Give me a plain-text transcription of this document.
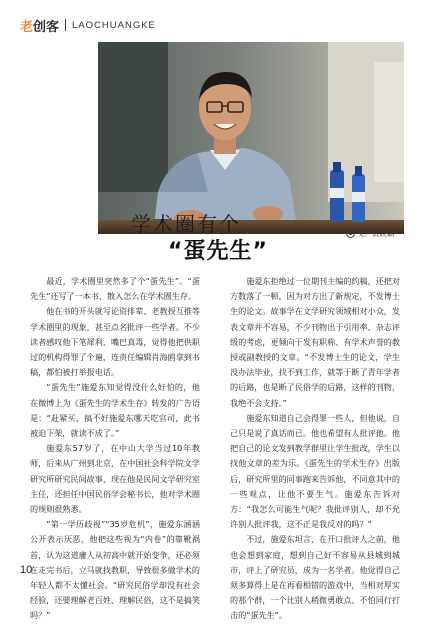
老创客 LAOCHUANGKE
学术圈有个
“蛋先生”
文／黄晓颖

最近，学术圈里突然多了个“蛋先生”。“蛋先生”还写了一本书，散入怎么在学术圈生存。

他在书的开头就写论资排辈、老教授互推等学术圈里的现象，甚至点名批评一些学者。不少读者感叹他下笔犀利、嘴巴真毒，觉得他把供职过的机构得罪了个遍，连责任编辑肖海鸥拿到书稿，都怕被打举报电话。

“蛋先生”施爱东知觉得没什么好怕的，他在微博上为《蛋先生的学术生存》转发的广告语是：“赶紧买，搞不好施爱东哪天吃官司，此书被迫下架，就读不成了。”

施爱东57岁了，在中山大学当过10年教师，后来从广州到北京，在中国社会科学院文学研究所研究民间故事，现在他是民间文学研究室主任，还担任中国民俗学会秘书长，他对学术圈的规则很熟悉。

“第一学历歧视”“35岁危机”，施爱东涵涵公开表示厌恶，他把这些视为“内卷”的靠靴祸首，认为这道庸人从初高中就开始变争，还必须在走完书后，立马就找教职，导致很多做学术的年轻人都不太懂社会。“研究民俗学却没有社会经验，还要理解老百姓、理解民俗，这不是搞笑吗？”

施爱东拒绝过一位期刊主编的约稿，还把对方数落了一顿，因为对方出了新规定，不发博士生的论文。故事学在文学研究领域相对小众，发表文章并不容易，不少刊物出于引用率、杂志评级的考虑，更倾向于发有职称、有学术声誉的教授或副教授的文章。“不发博士生的论文，学生没办法毕业，找不到工作，就等于断了青年学者的后路，也是断了民俗学的后路，这样的刊物，我绝不会支持。”

施爱东知道自己会得罪一些人，但他说，自己只是说了真话而已。他也希望有人批评他。他把自己的论文发到教学群里让学生批改，学生以找他文章的差为乐。《蛋先生的学术生存》出版后，研究所里的同事跑来告诉他，不同意其中的一些观点，让他不要生气。施爱东告诉对方：“我怎么可能生气呢？我批评别人，却不允许别人批评我，这不正是我反对的吗？”

不过，施爱东坦言，在开口批评人之前，他也会想到家庭，想到自己好不容易从县城到城市，评上了研究员，成为一名学者。他觉得自己须多算得上是在再看相错的游戏中，当相对厚实的那个群，一个比别人稍微勇敢点、不怕同行打击的“蛋先生”。

10
